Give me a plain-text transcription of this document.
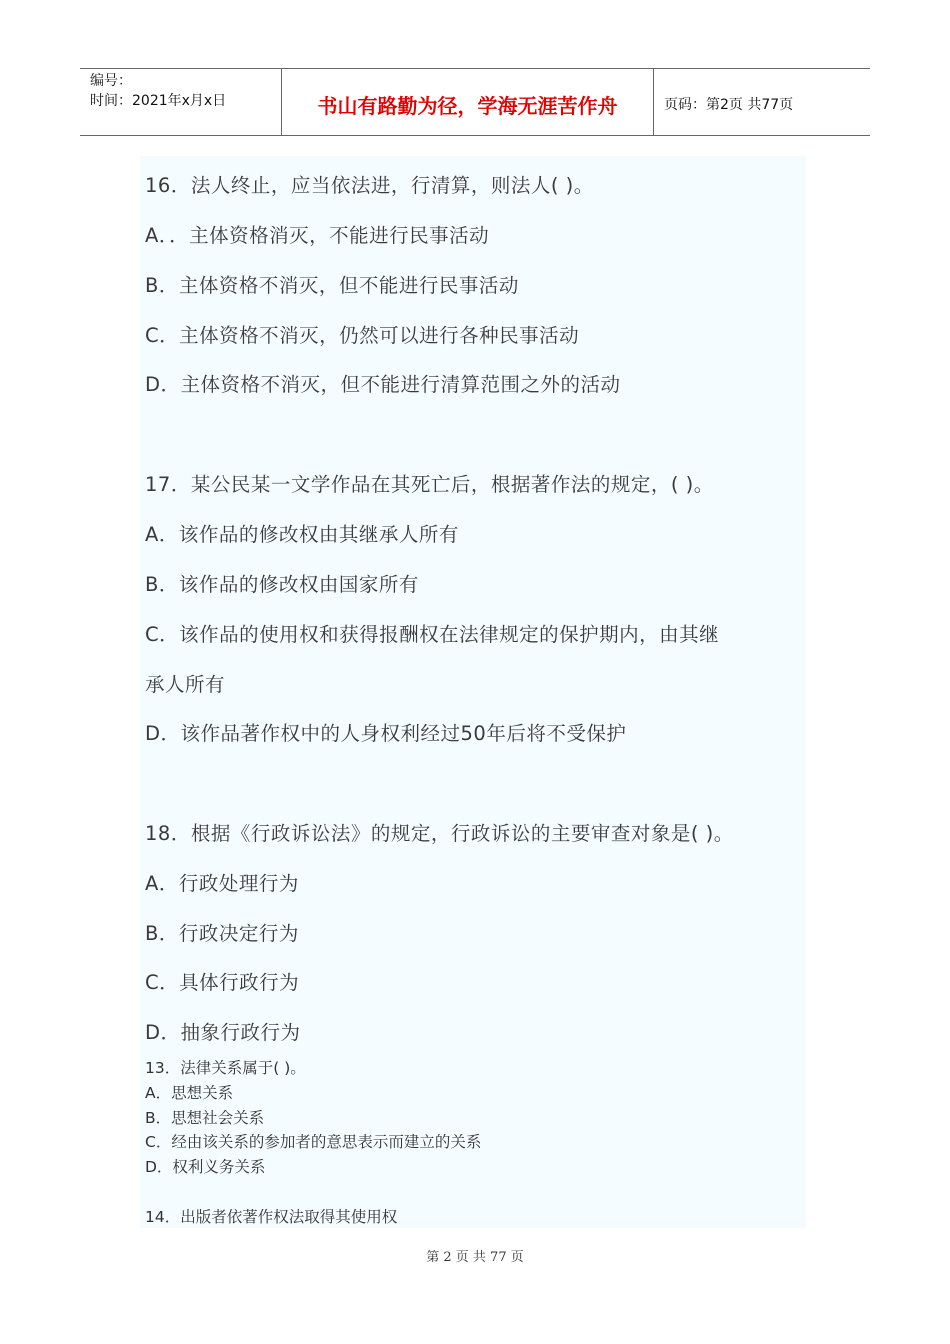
编号：
时间：2021年x月x日	书山有路勤为径，学海无涯苦作舟	页码：第2页 共77页
16．法人终止，应当依法进，行清算，则法人( )。
A．．主体资格消灭，不能进行民事活动
B．主体资格不消灭，但不能进行民事活动
C．主体资格不消灭，仍然可以进行各种民事活动
D．主体资格不消灭，但不能进行清算范围之外的活动
17．某公民某一文学作品在其死亡后，根据著作法的规定，( )。
A．该作品的修改权由其继承人所有
B．该作品的修改权由国家所有
C．该作品的使用权和获得报酬权在法律规定的保护期内，由其继
承人所有
D．该作品著作权中的人身权利经过50年后将不受保护
18．根据《行政诉讼法》的规定，行政诉讼的主要审查对象是( )。
A．行政处理行为
B．行政决定行为
C．具体行政行为
D．抽象行政行为
13．法律关系属于( )。
A．思想关系
B．思想社会关系
C．经由该关系的参加者的意思表示而建立的关系
D．权利义务关系
14．出版者依著作权法取得其使用权
第 2 页 共 77 页
